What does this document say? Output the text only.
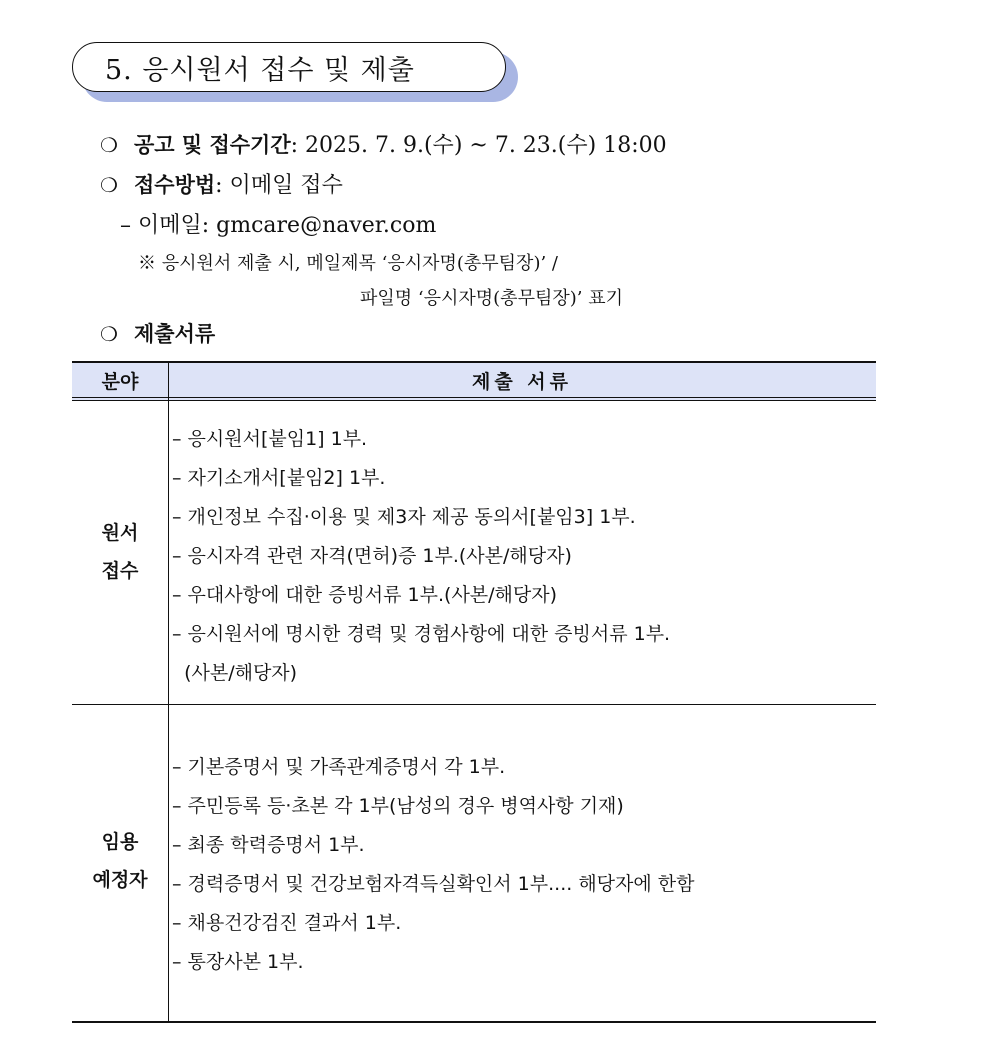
5. 응시원서 접수 및 제출
❍ 공고 및 접수기간: 2025. 7. 9.(수) ~ 7. 23.(수) 18:00
❍ 접수방법: 이메일 접수
– 이메일: gmcare@naver.com
※ 응시원서 제출 시, 메일제목 ‘응시자명(총무팀장)’ /
파일명 ‘응시자명(총무팀장)’ 표기
❍ 제출서류
분야	제출 서류
원서
접수
– 응시원서[붙임1] 1부.
– 자기소개서[붙임2] 1부.
– 개인정보 수집·이용 및 제3자 제공 동의서[붙임3] 1부.
– 응시자격 관련 자격(면허)증 1부.(사본/해당자)
– 우대사항에 대한 증빙서류 1부.(사본/해당자)
– 응시원서에 명시한 경력 및 경험사항에 대한 증빙서류 1부.
(사본/해당자)
임용
예정자
– 기본증명서 및 가족관계증명서 각 1부.
– 주민등록 등·초본 각 1부(남성의 경우 병역사항 기재)
– 최종 학력증명서 1부.
– 경력증명서 및 건강보험자격득실확인서 1부.... 해당자에 한함
– 채용건강검진 결과서 1부.
– 통장사본 1부.
